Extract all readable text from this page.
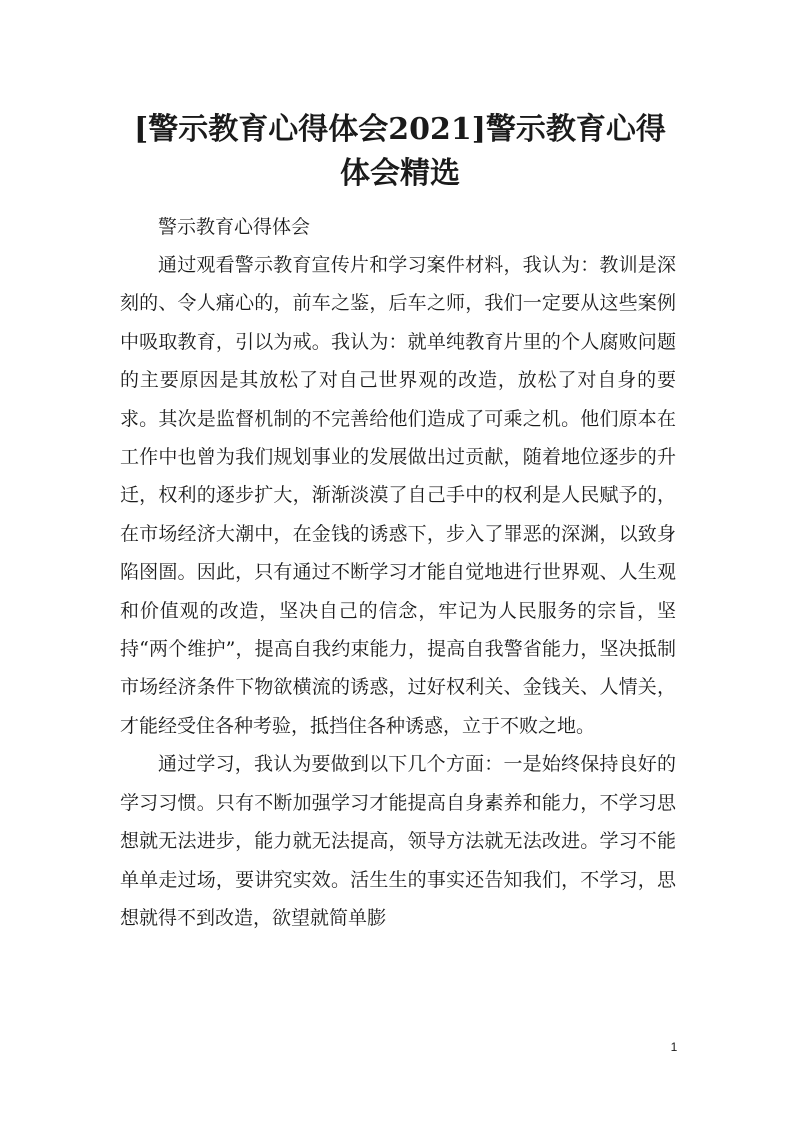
[警示教育心得体会2021]警示教育心得体会精选

警示教育心得体会

通过观看警示教育宣传片和学习案件材料，我认为：教训是深刻的、令人痛心的，前车之鉴，后车之师，我们一定要从这些案例中吸取教育，引以为戒。我认为：就单纯教育片里的个人腐败问题的主要原因是其放松了对自己世界观的改造，放松了对自身的要求。其次是监督机制的不完善给他们造成了可乘之机。他们原本在工作中也曾为我们规划事业的发展做出过贡献，随着地位逐步的升迁，权利的逐步扩大，渐渐淡漠了自己手中的权利是人民赋予的，在市场经济大潮中，在金钱的诱惑下，步入了罪恶的深渊，以致身陷囹圄。因此，只有通过不断学习才能自觉地进行世界观、人生观和价值观的改造，坚决自己的信念，牢记为人民服务的宗旨，坚持“两个维护”，提高自我约束能力，提高自我警省能力，坚决抵制市场经济条件下物欲横流的诱惑，过好权利关、金钱关、人情关，才能经受住各种考验，抵挡住各种诱惑，立于不败之地。

通过学习，我认为要做到以下几个方面：一是始终保持良好的学习习惯。只有不断加强学习才能提高自身素养和能力，不学习思想就无法进步，能力就无法提高，领导方法就无法改进。学习不能单单走过场，要讲究实效。活生生的事实还告知我们，不学习，思想就得不到改造，欲望就简单膨

1
